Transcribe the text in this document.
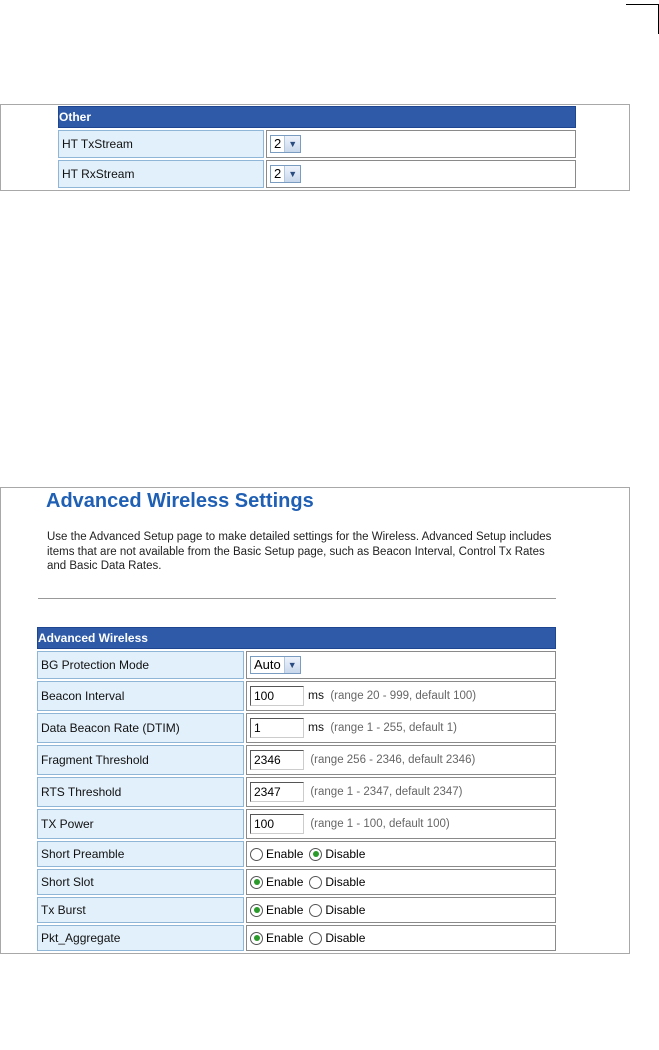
Other		
HT TxStream		2 ▼

HT RxStream		2 ▼
Advanced Wireless Settings

Use the Advanced Setup page to make detailed settings for the Wireless. Advanced Setup includes items that are not available from the Basic Setup page, such as Beacon Interval, Control Tx Rates and Basic Data Rates.

Advanced Wireless		
BG Protection Mode		Auto ▼

Beacon Interval		100 ms (range 20 - 999, default 100)
Data Beacon Rate (DTIM)		1 ms (range 1 - 255, default 1)
Fragment Threshold		2346 (range 256 - 2346, default 2346)
RTS Threshold		2347 (range 1 - 2347, default 2347)
TX Power		100 (range 1 - 100, default 100)
Short Preamble		Enable Disable
Short Slot		Enable Disable
Tx Burst		Enable Disable
Pkt_Aggregate		Enable Disable
